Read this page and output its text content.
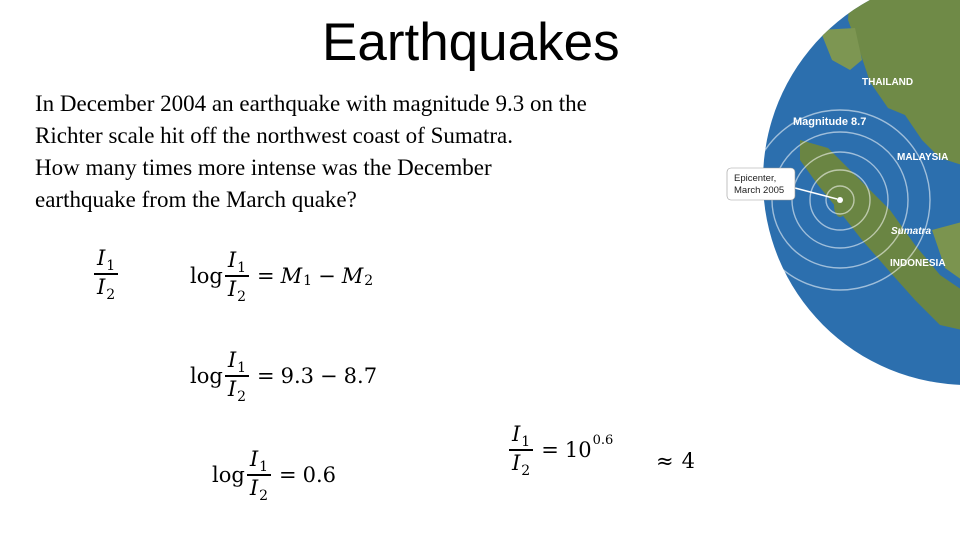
Earthquakes
In December 2004 an earthquake with magnitude 9.3 on the
Richter scale hit off the northwest coast of Sumatra.
How many times more intense was the December
earthquake from the March quake?
THAILAND
Magnitude 8.7
MALAYSIA
Epicenter,
March 2005
Sumatra
INDONESIA
$\frac{I_1}{I_2}$	$\log \frac{I_1}{I_2} = M$ 1 − M 2
$\log \frac{I_1}{I_2} = 9.3 - 8.7$
$\log \frac{I_1}{I_2} = 0.6$	$\frac{I_1}{I_2} = 10$ 0.6
≈ 4
